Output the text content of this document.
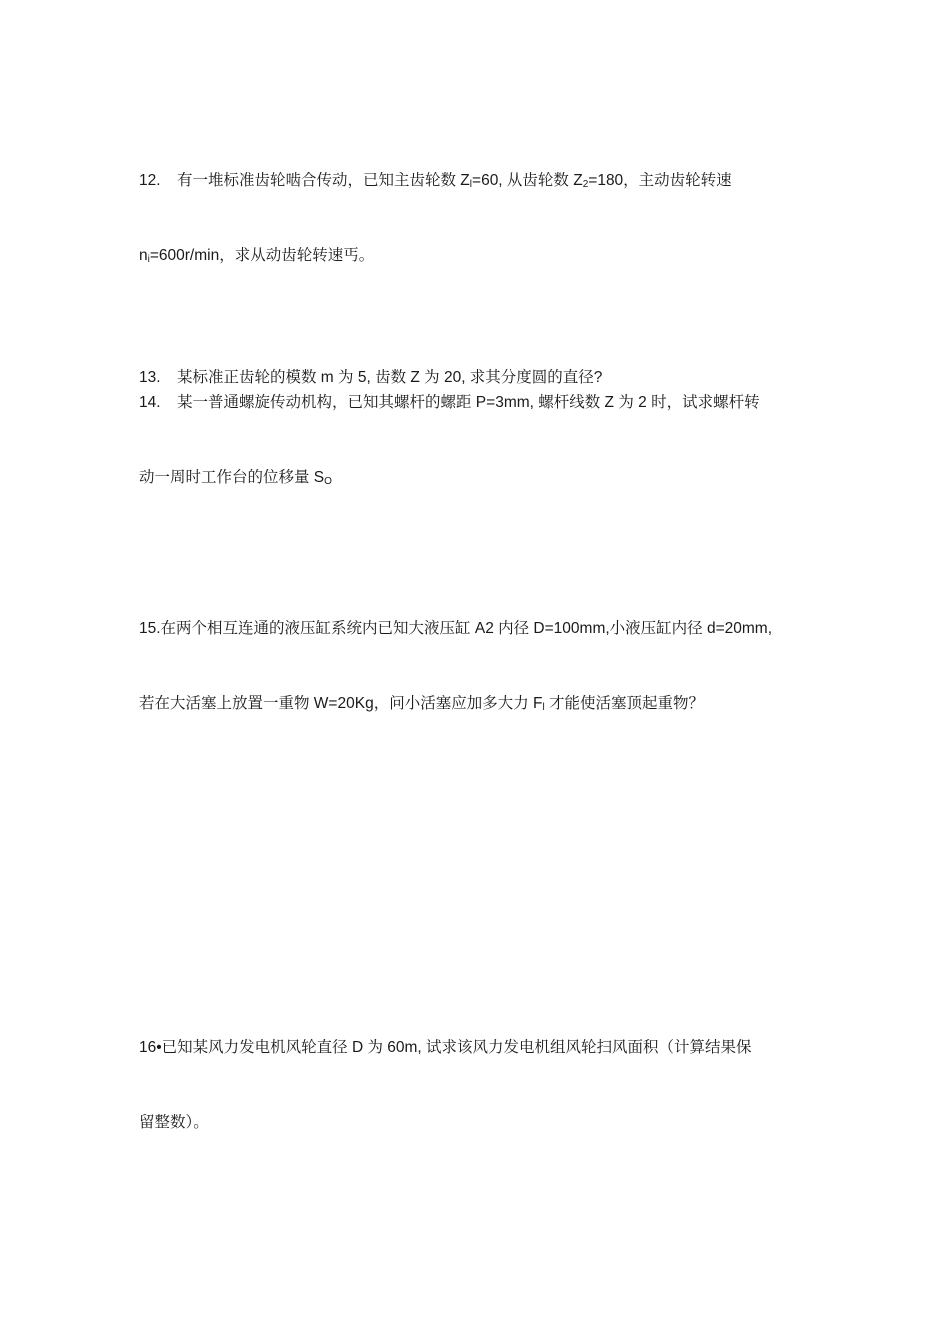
12. 有一堆标准齿轮啮合传动，已知主齿轮数 $Z_l=60$, 从齿轮数 $Z_2=180$，主动齿轮转速

$n_i=600r/\min$，求从动齿轮转速丐。

13. 某标准正齿轮的模数 m 为 5, 齿数 Z 为 20, 求其分度圆的直径?

14. 某一普通螺旋传动机构，已知其螺杆的螺距 P=3mm, 螺杆线数 Z 为 2 时，试求螺杆转

动一周时工作台的位移量 $S_O$

15.在两个相互连通的液压缸系统内已知大液压缸 A2 内径 D=100mm,小液压缸内径 d=20mm,

若在大活塞上放置一重物 W=20Kg，问小活塞应加多大力 $F_l$ 才能使活塞顶起重物？

16•已知某风力发电机风轮直径 D 为 60m, 试求该风力发电机组风轮扫风面积（计算结果保

留整数）。
